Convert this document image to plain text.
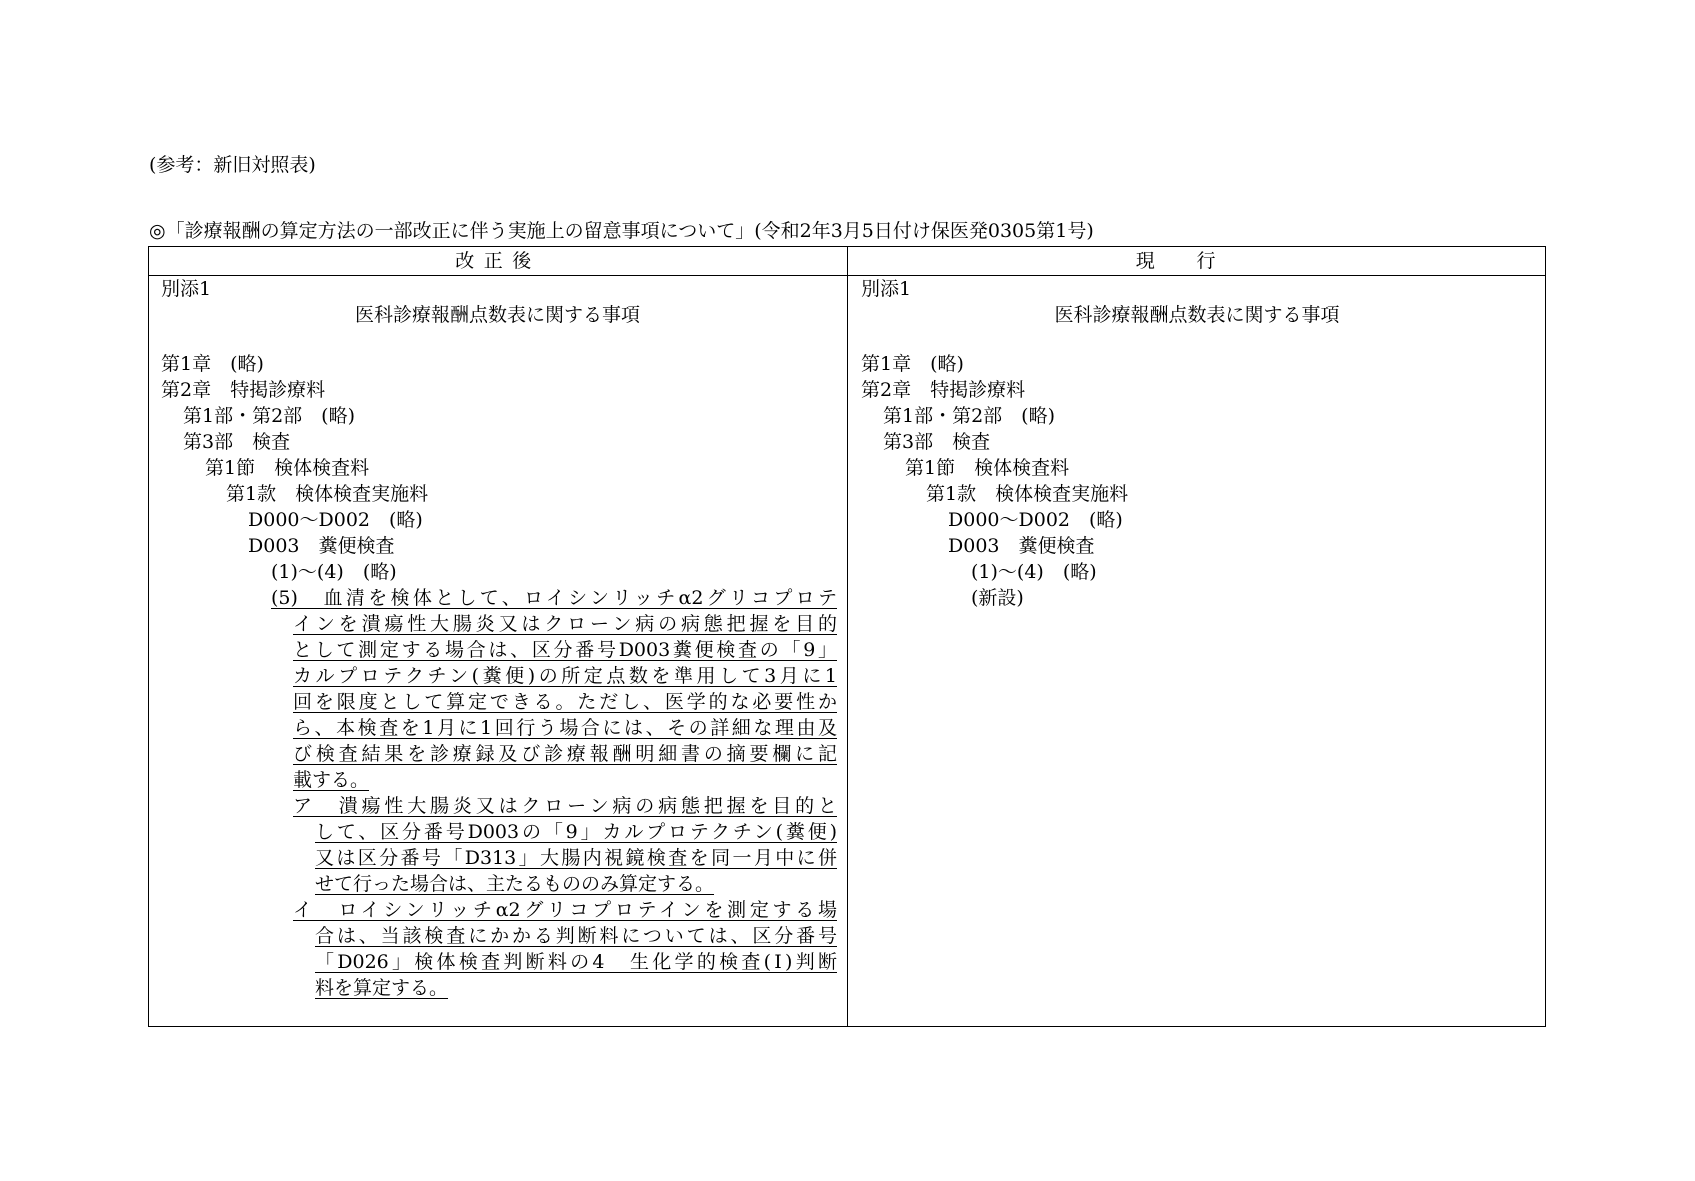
(参考：新旧対照表)
◎「診療報酬の算定方法の一部改正に伴う実施上の留意事項について」(令和2年3月5日付け保医発0305第1号)
改正後	現行
別添1
医科診療報酬点数表に関する事項
第1章　(略)
第2章　特掲診療料
第1部・第2部　(略)
第3部　検査
第1節　検体検査料
第1款　検体検査実施料
D000〜D002　(略)
D003　糞便検査
(1)〜(4)　(略)
(5)　血清を検体として、ロイシンリッチα2グリコプロテ
インを潰瘍性大腸炎又はクローン病の病態把握を目的
として測定する場合は、区分番号D003糞便検査の「9」
カルプロテクチン(糞便)の所定点数を準用して3月に1
回を限度として算定できる。ただし、医学的な必要性か
ら、本検査を1月に1回行う場合には、その詳細な理由及
び検査結果を診療録及び診療報酬明細書の摘要欄に記
載する。
ア　潰瘍性大腸炎又はクローン病の病態把握を目的と
して、区分番号D003の「9」カルプロテクチン(糞便)
又は区分番号「D313」大腸内視鏡検査を同一月中に併
せて行った場合は、主たるもののみ算定する。
イ　ロイシンリッチα2グリコプロテインを測定する場
合は、当該検査にかかる判断料については、区分番号
「D026」検体検査判断料の4　生化学的検査(Ⅰ)判断
料を算定する。
別添1
医科診療報酬点数表に関する事項
第1章　(略)
第2章　特掲診療料
第1部・第2部　(略)
第3部　検査
第1節　検体検査料
第1款　検体検査実施料
D000〜D002　(略)
D003　糞便検査
(1)〜(4)　(略)
(新設)
